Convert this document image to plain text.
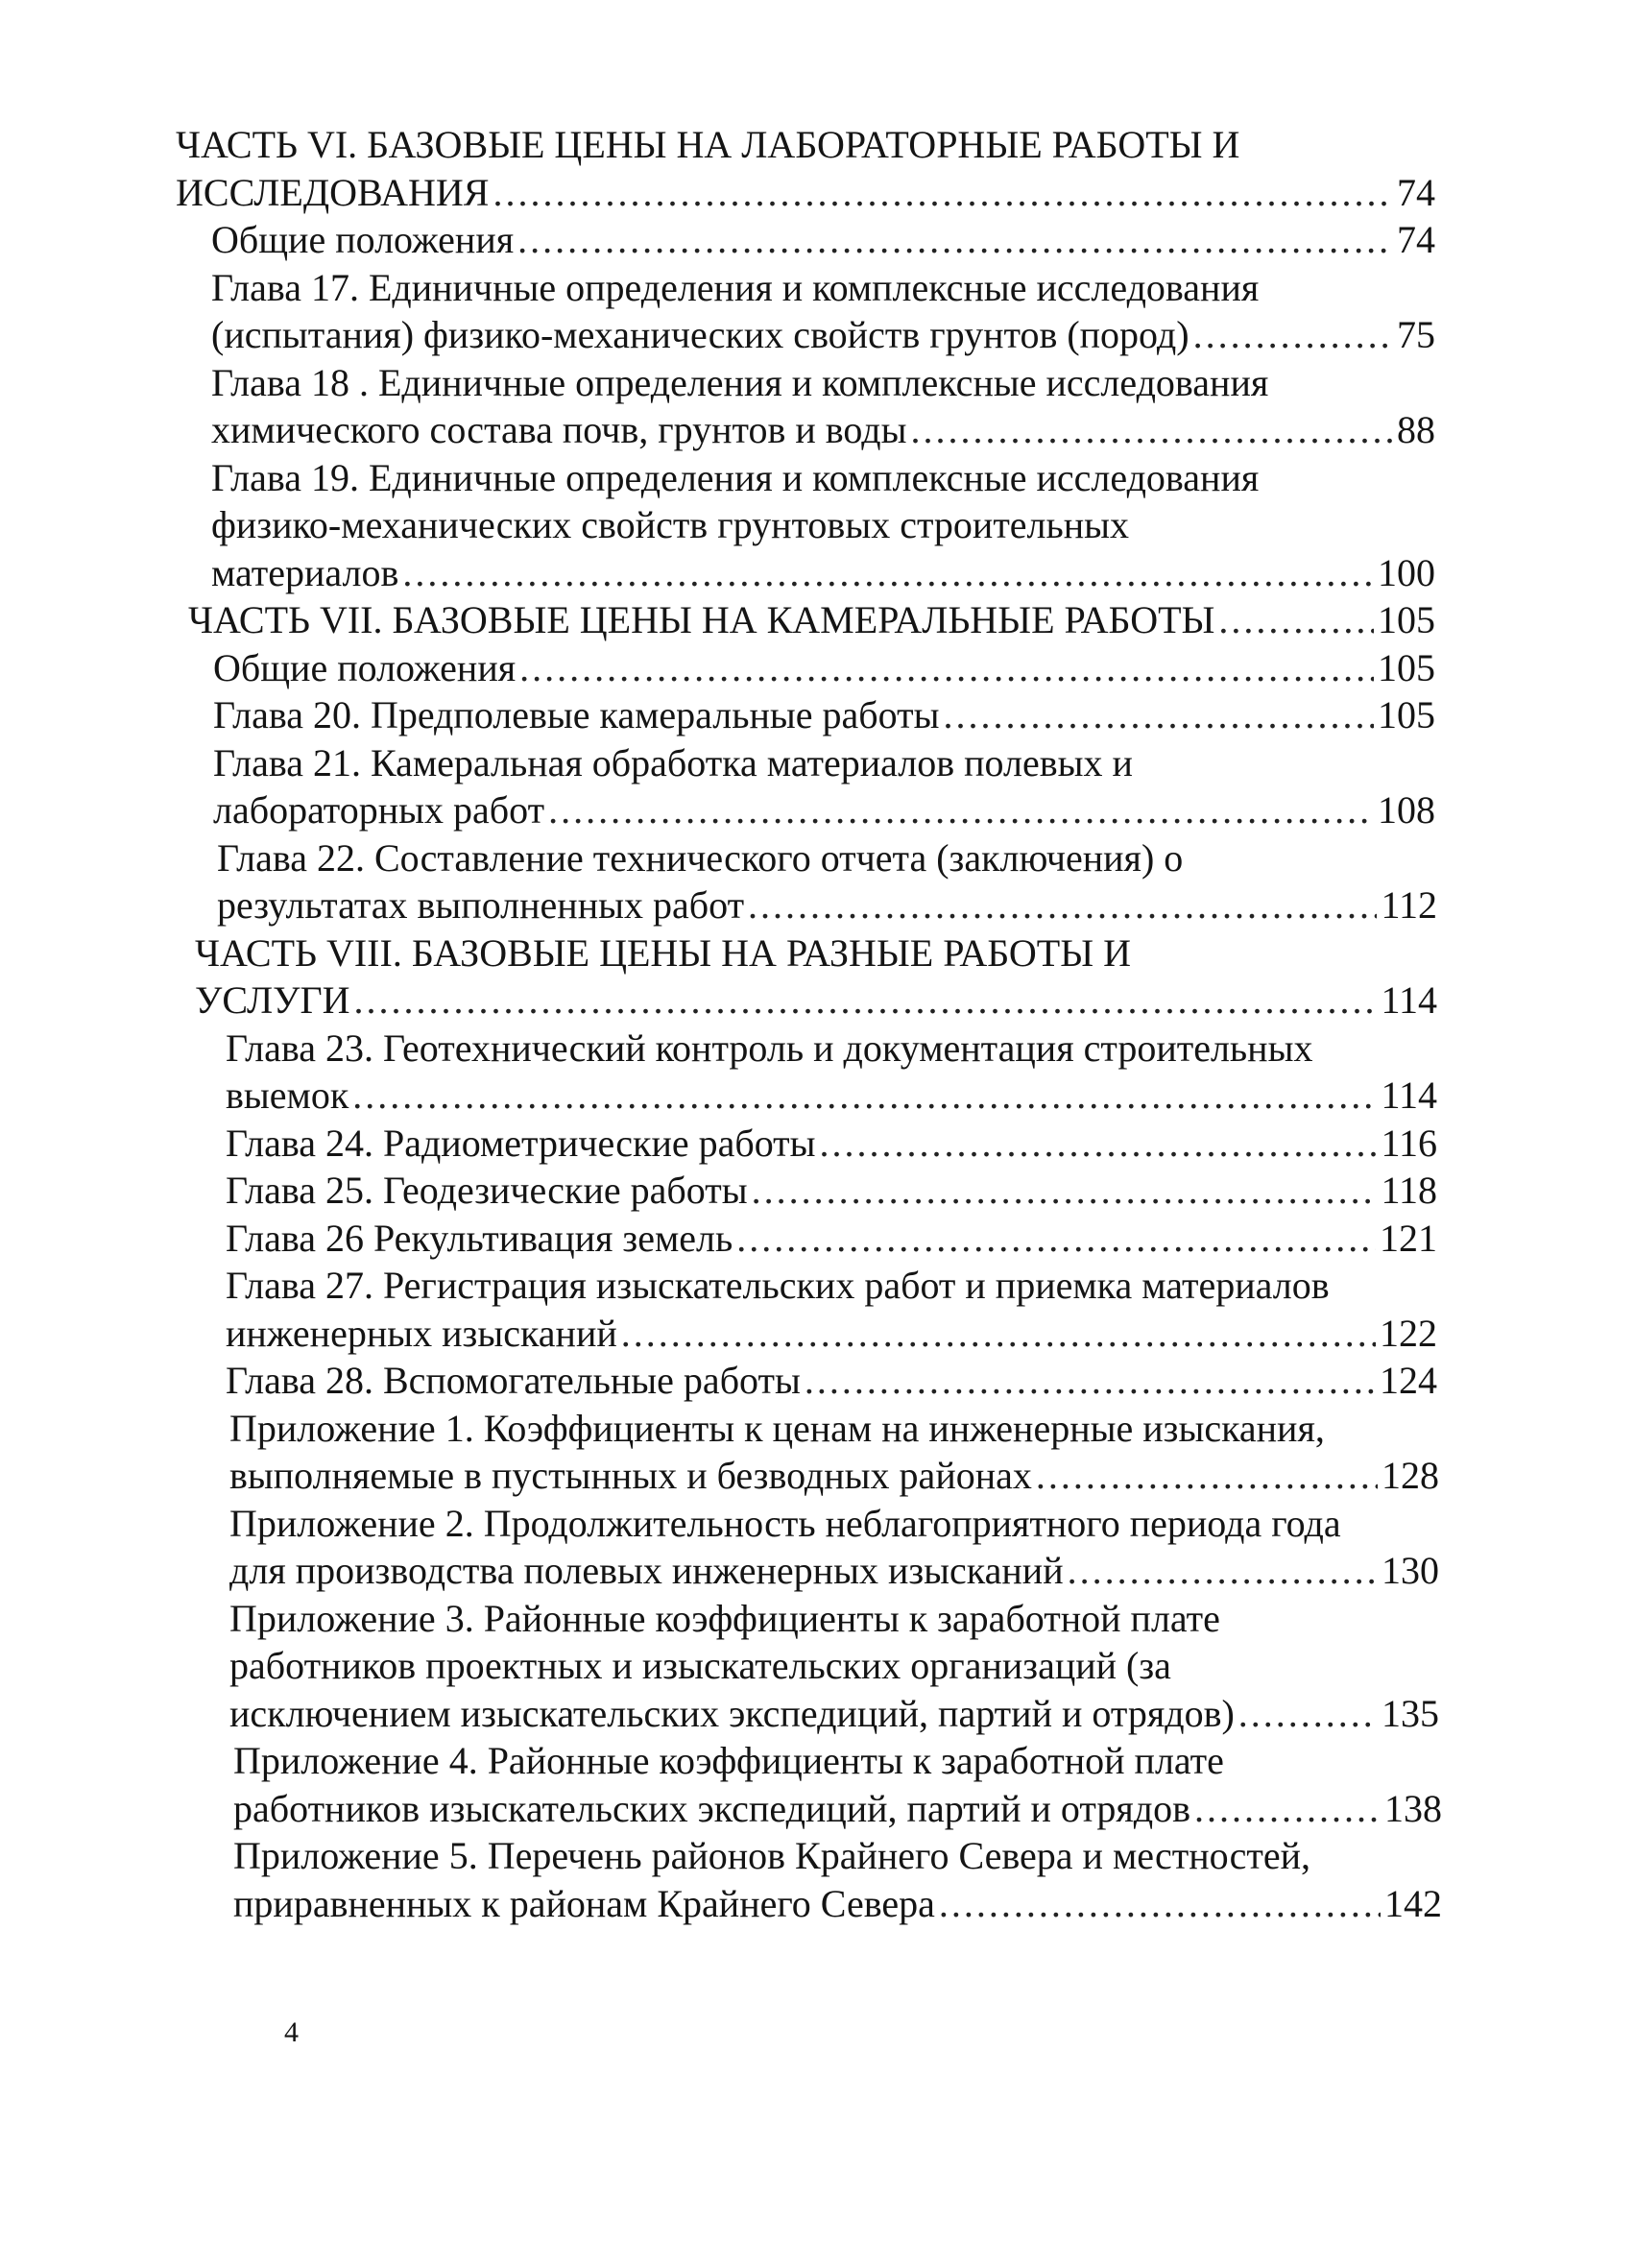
ЧАСТЬ VI. БАЗОВЫЕ ЦЕНЫ НА ЛАБОРАТОРНЫЕ РАБОТЫ И
ИССЛЕДОВАНИЯ .....	74
Общие положения .....	74
Глава 17. Единичные определения и комплексные исследования
(испытания) физико-механических свойств грунтов (пород) .....	75
Глава 18 . Единичные определения и комплексные исследования
химического состава почв, грунтов и воды .....	88
Глава 19. Единичные определения и комплексные исследования
физико-механических свойств грунтовых строительных
материалов .....	100
ЧАСТЬ VII. БАЗОВЫЕ ЦЕНЫ НА КАМЕРАЛЬНЫЕ РАБОТЫ .....	105
Общие положения .....	105
Глава 20. Предполевые камеральные работы .....	105
Глава 21. Камеральная обработка материалов полевых и
лабораторных работ .....	108
Глава 22. Составление технического отчета (заключения) о
результатах выполненных работ .....	112
ЧАСТЬ VIII. БАЗОВЫЕ ЦЕНЫ НА РАЗНЫЕ РАБОТЫ И
УСЛУГИ .....	114
Глава 23. Геотехнический контроль и документация строительных
выемок .....	114
Глава 24. Радиометрические работы .....	116
Глава 25. Геодезические работы .....	118
Глава 26 Рекультивация земель .....	121
Глава 27. Регистрация изыскательских работ и приемка материалов
инженерных изысканий .....	122
Глава 28. Вспомогательные работы .....	124
Приложение 1. Коэффициенты к ценам на инженерные изыскания,
выполняемые в пустынных и безводных районах .....	128
Приложение 2. Продолжительность неблагоприятного периода года
для производства полевых инженерных изысканий .....	130
Приложение 3. Районные коэффициенты к заработной плате
работников проектных и изыскательских организаций (за
исключением изыскательских экспедиций, партий и отрядов) .....	135
Приложение 4. Районные коэффициенты к заработной плате
работников изыскательских экспедиций, партий и отрядов .....	138
Приложение 5. Перечень районов Крайнего Севера и местностей,
приравненных к районам Крайнего Севера .....	142
4
